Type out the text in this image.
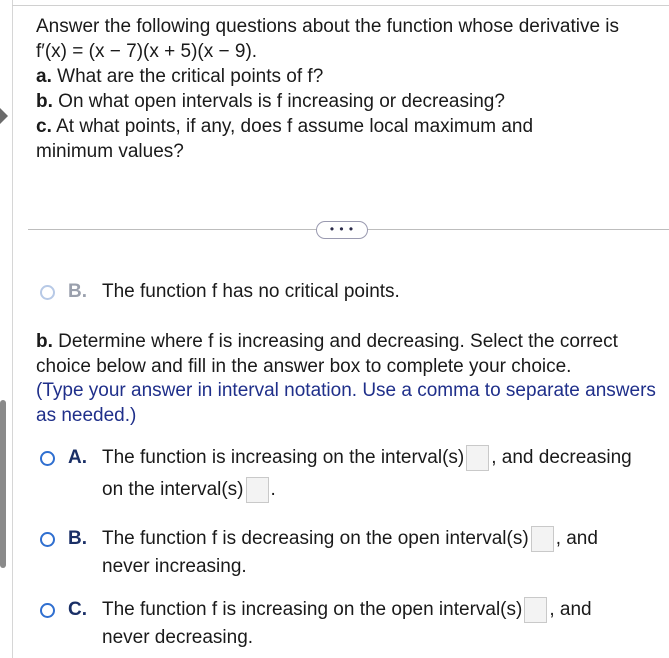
Answer the following questions about the function whose derivative is

f′(x) = (x − 7)(x + 5)(x − 9).

a. What are the critical points of f?

b. On what open intervals is f increasing or decreasing?

c. At what points, if any, does f assume local maximum and

minimum values?

• • •
B. The function f has no critical points.

b. Determine where f is increasing and decreasing. Select the correct choice below and fill in the answer box to complete your choice.

(Type your answer in interval notation. Use a comma to separate answers as needed.)

A. The function is increasing on the interval(s) , and decreasing
on the interval(s) .
B. The function f is decreasing on the open interval(s) , and
never increasing.
C. The function f is increasing on the open interval(s) , and
never decreasing.
